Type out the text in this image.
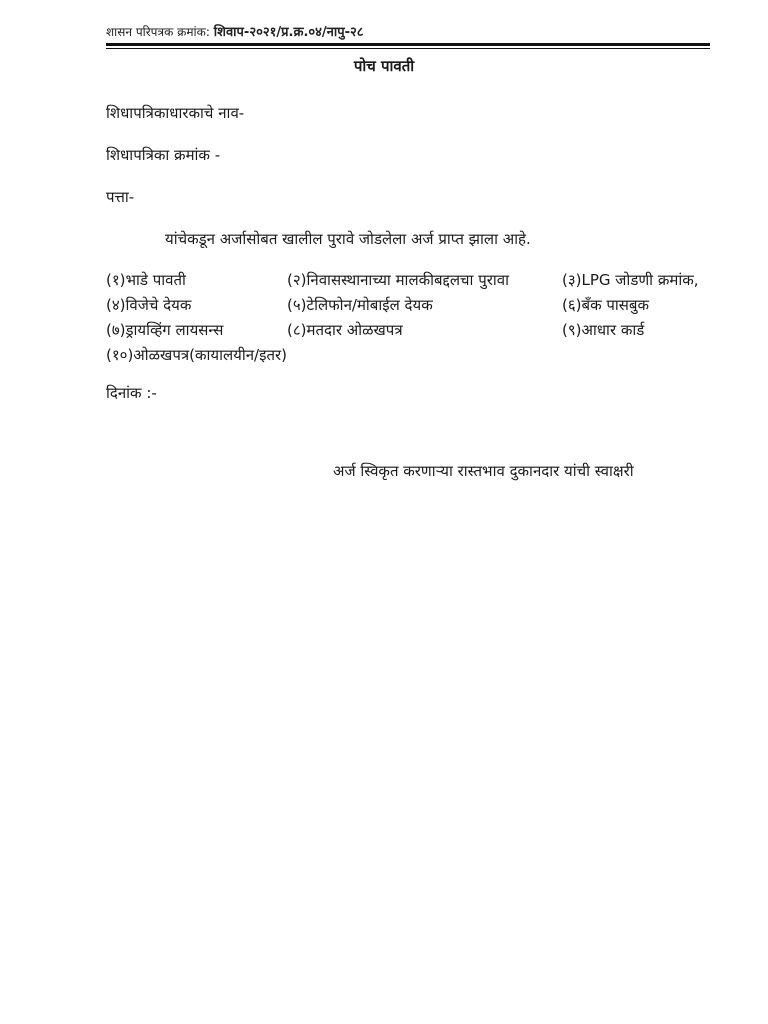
शासन परिपत्रक क्रमांक: शिवाप-२०२१/प्र.क्र.०४/नापु-२८
पोच पावती
शिधापत्रिकाधारकाचे नाव-
शिधापत्रिका क्रमांक -
पत्ता-
यांचेकडून अर्जासोबत खालील पुरावे जोडलेला अर्ज प्राप्त झाला आहे.
(१)भाडे पावती	(२)निवासस्थानाच्या मालकीबद्दलचा पुरावा	(३)LPG जोडणी क्रमांक,
(४)विजेचे देयक	(५)टेलिफोन/मोबाईल देयक	(६)बँक पासबुक
(७)ड्रायव्हिंग लायसन्स	(८)मतदार ओळखपत्र	(९)आधार कार्ड
(१०)ओळखपत्र(कायालयीन/इतर)
दिनांक :-
अर्ज स्विकृत करणाऱ्या रास्तभाव दुकानदार यांची स्वाक्षरी
